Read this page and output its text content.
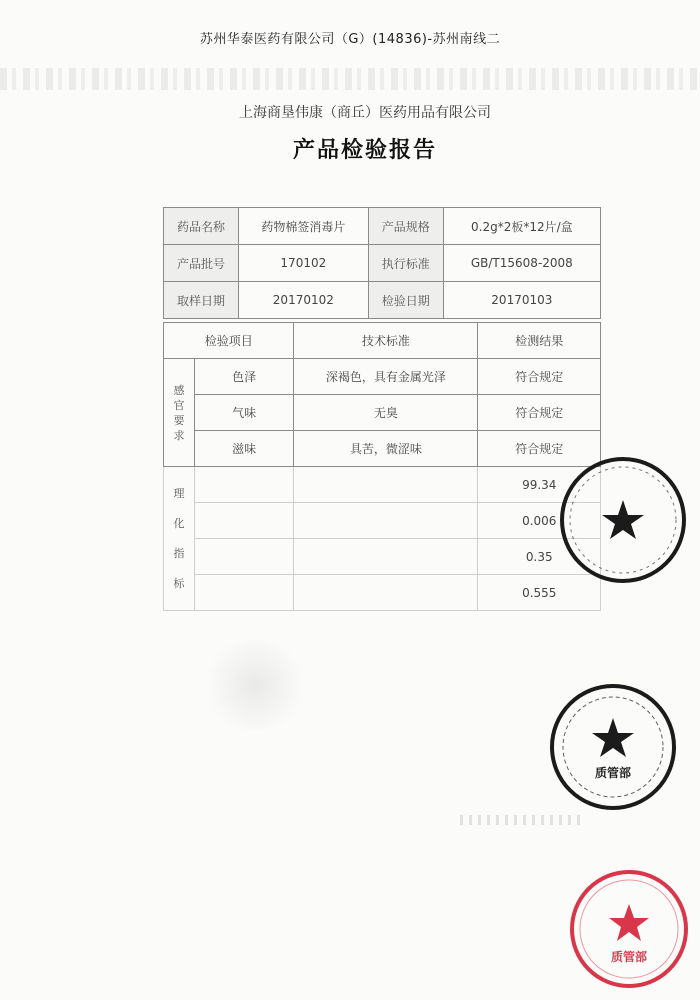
苏州华泰医药有限公司（G）(14836)-苏州南线二
上海商垦伟康（商丘）医药用品有限公司
产品检验报告
药品名称	药物棉签消毒片	产品规格	0.2g*2板*12片/盒
产品批号	170102	执行标准	GB/T15608-2008
取样日期	20170102	检验日期	20170103
检验项目		技术标准	检测结果
感
官
要
求	色泽	深褐色，具有金属光泽	符合规定
	气味	无臭	符合规定
	滋味	具苦，微涩味	符合规定
理

化

指

标			99.34
			0.006
			0.35
			0.555
质管部
质管部
